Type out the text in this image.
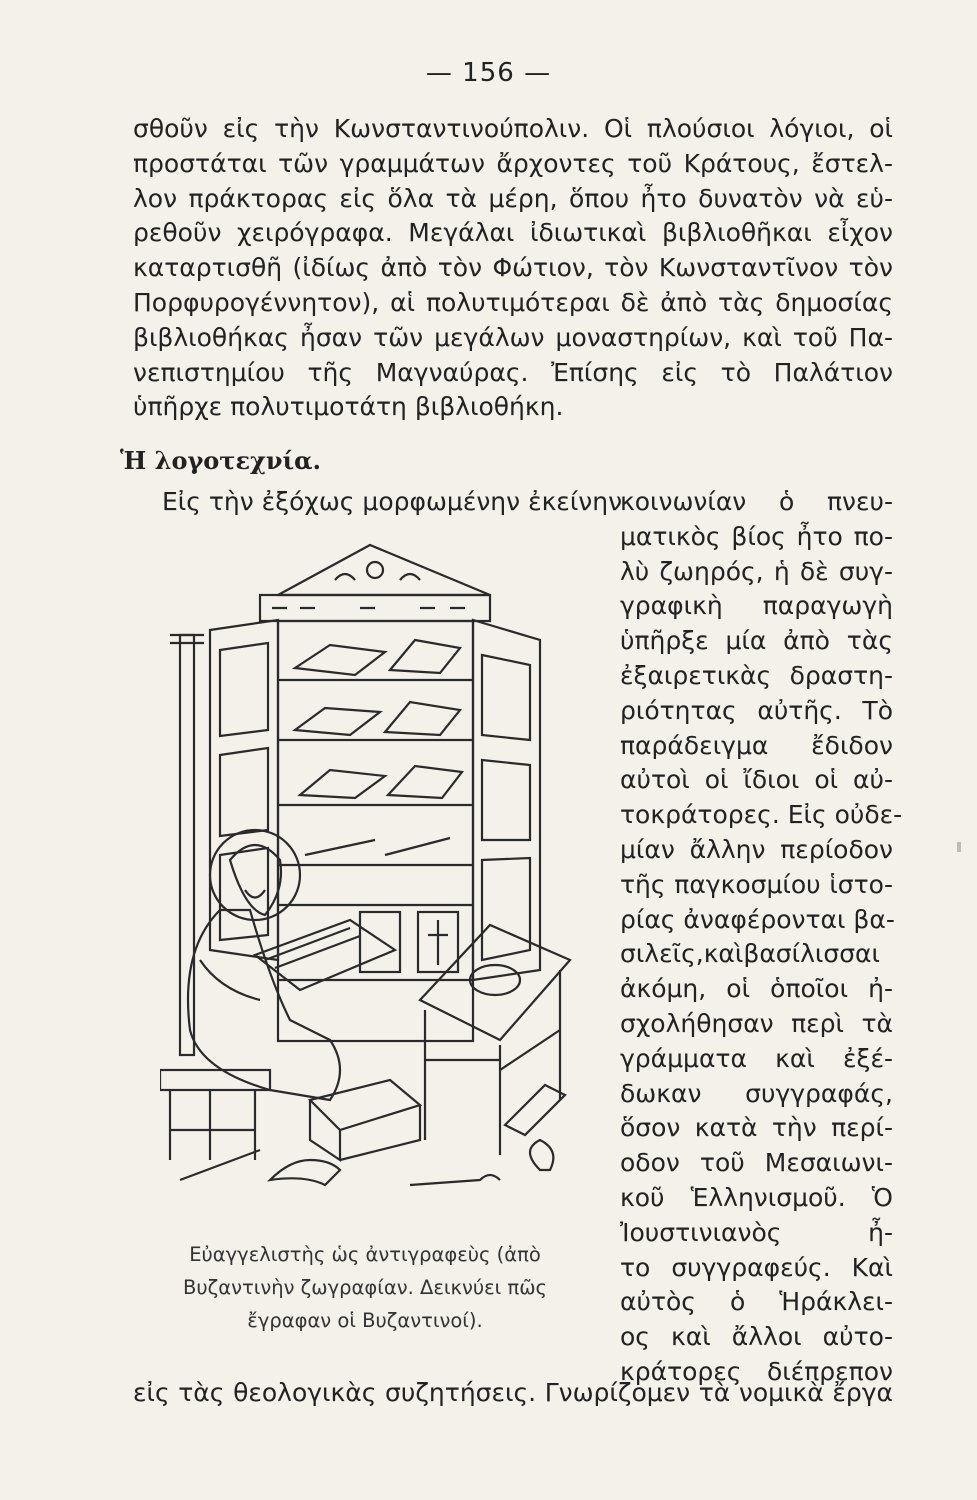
— 156 —

σθοῦν εἰς τὴν Κωνσταντινούπολιν. Οἱ πλούσιοι λόγιοι, οἱ

προστάται τῶν γραμμάτων ἄρχοντες τοῦ Κράτους, ἔστελ-

λον πράκτορας εἰς ὅλα τὰ μέρη, ὅπου ἦτο δυνατὸν νὰ εὑ-

ρεθοῦν χειρόγραφα. Μεγάλαι ἰδιωτικαὶ βιβλιοθῆκαι εἶχον

καταρτισθῆ (ἰδίως ἀπὸ τὸν Φώτιον, τὸν Κωνσταντῖνον τὸν

Πορφυρογέννητον), αἱ πολυτιμότεραι δὲ ἀπὸ τὰς δημοσίας

βιβλιοθήκας ἦσαν τῶν μεγάλων μοναστηρίων, καὶ τοῦ Πα-

νεπιστημίου τῆς Μαγναύρας. Ἐπίσης εἰς τὸ Παλάτιον

ὑπῆρχε πολυτιμοτάτη βιβλιοθήκη.

Ἡ λογοτεχνία.
Εἰς τὴν ἐξόχως μορφωμένην ἐκείνην

κοινωνίαν ὁ πνευ-

ματικὸς βίος ἦτο πο-

λὺ ζωηρός, ἡ δὲ συγ-

γραφικὴ παραγωγὴ

ὑπῆρξε μία ἀπὸ τὰς

ἐξαιρετικὰς δραστη-

ριότητας αὐτῆς. Τὸ

παράδειγμα ἔδιδον

αὐτοὶ οἱ ἴδιοι οἱ αὐ-

τοκράτορες. Εἰς οὐδε-

μίαν ἄλλην περίοδον

τῆς παγκοσμίου ἱστο-

ρίας ἀναφέρονται βα-

σιλεῖς,καὶβασίλισσαι

ἀκόμη, οἱ ὁποῖοι ἠ-

σχολήθησαν περὶ τὰ

γράμματα καὶ ἐξέ-

δωκαν συγγραφάς,

ὅσον κατὰ τὴν περί-

οδον τοῦ Μεσαιωνι-

κοῦ Ἑλληνισμοῦ. Ὁ

Ἰουστινιανὸς ἦ-

το συγγραφεύς. Καὶ

αὐτὸς ὁ Ἡράκλει-

ος καὶ ἄλλοι αὐτο-

κράτορες διέπρεπον

Εὐαγγελιστὴς ὡς ἀντιγραφεὺς (ἀπὸ

Βυζαντινὴν ζωγραφίαν. Δεικνύει πῶς

ἔγραφαν οἱ Βυζαντινοί).

εἰς τὰς θεολογικὰς συζητήσεις. Γνωρίζομεν τὰ νομικὰ ἔργα
